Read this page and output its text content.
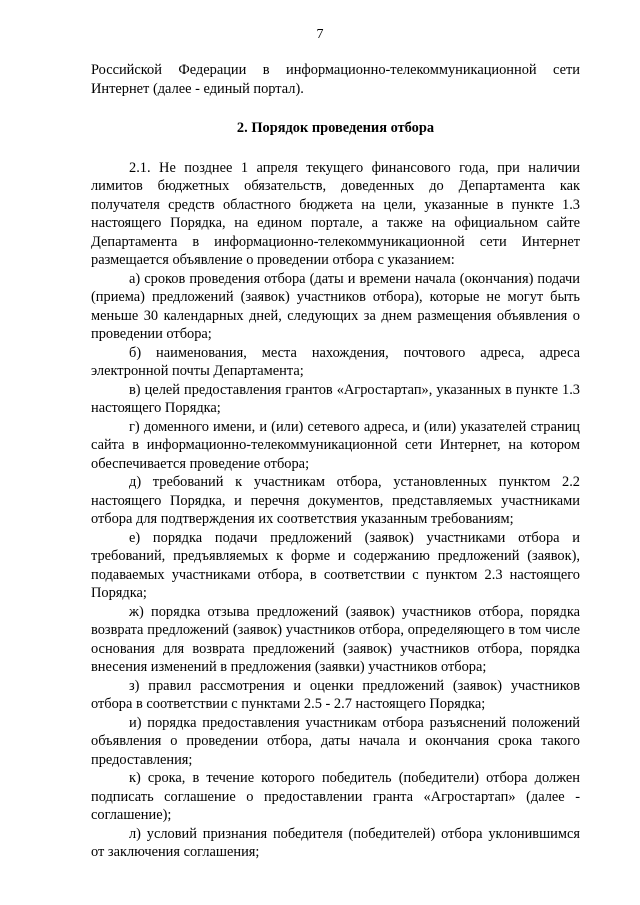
7

Российской Федерации в информационно-телекоммуникационной сети Интернет (далее - единый портал).

2. Порядок проведения отбора

2.1. Не позднее 1 апреля текущего финансового года, при наличии лимитов бюджетных обязательств, доведенных до Департамента как получателя средств областного бюджета на цели, указанные в пункте 1.3 настоящего Порядка, на едином портале, а также на официальном сайте Департамента в информационно-телекоммуникационной сети Интернет размещается объявление о проведении отбора с указанием:

а) сроков проведения отбора (даты и времени начала (окончания) подачи (приема) предложений (заявок) участников отбора), которые не могут быть меньше 30 календарных дней, следующих за днем размещения объявления о проведении отбора;

б) наименования, места нахождения, почтового адреса, адреса электронной почты Департамента;

в) целей предоставления грантов «Агростартап», указанных в пункте 1.3 настоящего Порядка;

г) доменного имени, и (или) сетевого адреса, и (или) указателей страниц сайта в информационно-телекоммуникационной сети Интернет, на котором обеспечивается проведение отбора;

д) требований к участникам отбора, установленных пунктом 2.2 настоящего Порядка, и перечня документов, представляемых участниками отбора для подтверждения их соответствия указанным требованиям;

е) порядка подачи предложений (заявок) участниками отбора и требований, предъявляемых к форме и содержанию предложений (заявок), подаваемых участниками отбора, в соответствии с пунктом 2.3 настоящего Порядка;

ж) порядка отзыва предложений (заявок) участников отбора, порядка возврата предложений (заявок) участников отбора, определяющего в том числе основания для возврата предложений (заявок) участников отбора, порядка внесения изменений в предложения (заявки) участников отбора;

з) правил рассмотрения и оценки предложений (заявок) участников отбора в соответствии с пунктами 2.5 - 2.7 настоящего Порядка;

и) порядка предоставления участникам отбора разъяснений положений объявления о проведении отбора, даты начала и окончания срока такого предоставления;

к) срока, в течение которого победитель (победители) отбора должен подписать соглашение о предоставлении гранта «Агростартап» (далее - соглашение);

л) условий признания победителя (победителей) отбора уклонившимся от заключения соглашения;
